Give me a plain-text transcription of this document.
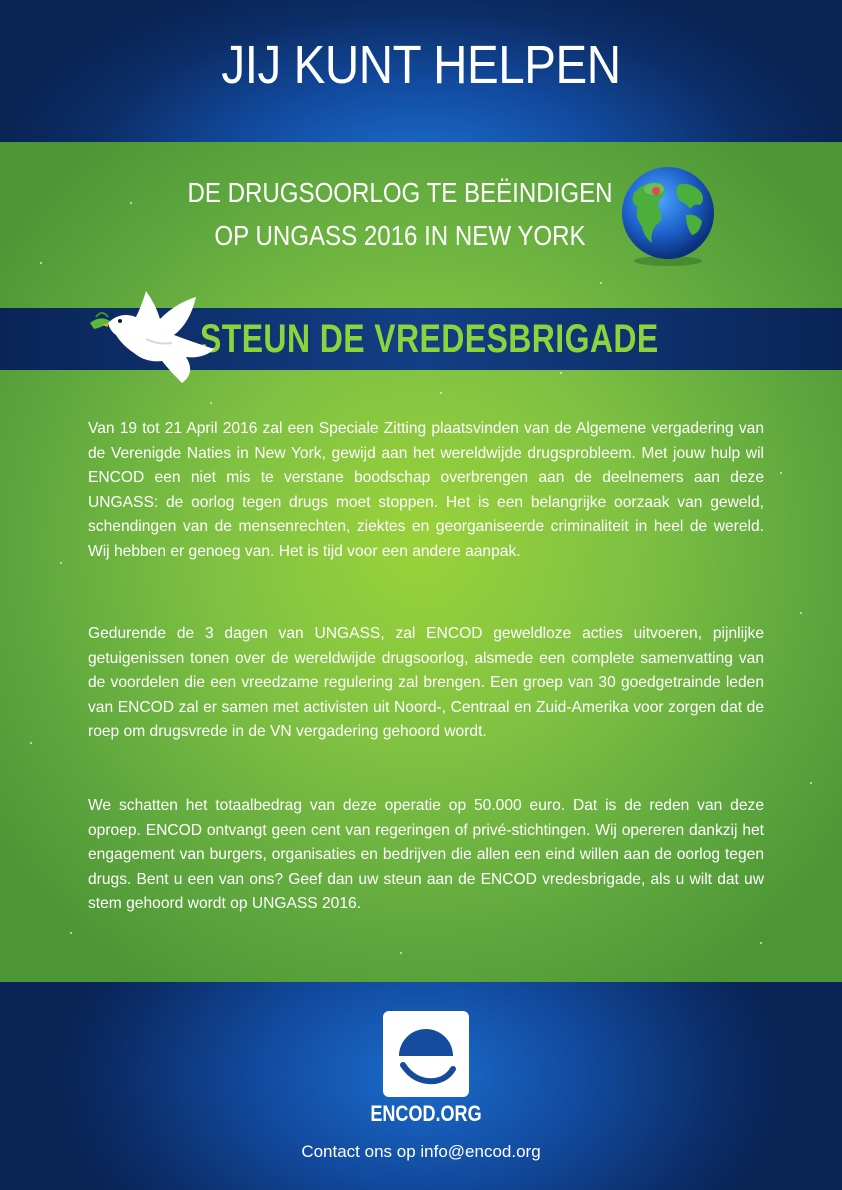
JIJ KUNT HELPEN
DE DRUGSOORLOG TE BEËINDIGEN
OP UNGASS 2016 IN NEW YORK
STEUN DE VREDESBRIGADE

Van 19 tot 21 April 2016 zal een Speciale Zitting plaatsvinden van de Algemene vergadering van de Verenigde Naties in New York, gewijd aan het wereldwijde drugsprobleem. Met jouw hulp wil ENCOD een niet mis te verstane boodschap overbrengen aan de deelnemers aan deze UNGASS: de oorlog tegen drugs moet stoppen. Het is een belangrijke oorzaak van geweld, schendingen van de mensenrechten, ziektes en georganiseerde criminaliteit in heel de wereld. Wij hebben er genoeg van. Het is tijd voor een andere aanpak.

Gedurende de 3 dagen van UNGASS, zal ENCOD geweldloze acties uitvoeren, pijnlijke getuigenissen tonen over de wereldwijde drugsoorlog, alsmede een complete samenvatting van de voordelen die een vreedzame regulering zal brengen. Een groep van 30 goedgetrainde leden van ENCOD zal er samen met activisten uit Noord-, Centraal en Zuid-Amerika voor zorgen dat de roep om drugsvrede in de VN vergadering gehoord wordt.

We schatten het totaalbedrag van deze operatie op 50.000 euro. Dat is de reden van deze oproep. ENCOD ontvangt geen cent van regeringen of privé-stichtingen. Wij opereren dankzij het engagement van burgers, organisaties en bedrijven die allen een eind willen aan de oorlog tegen drugs. Bent u een van ons? Geef dan uw steun aan de ENCOD vredesbrigade, als u wilt dat uw stem gehoord wordt op UNGASS 2016.

ENCOD.ORG
Contact ons op info@encod.org
